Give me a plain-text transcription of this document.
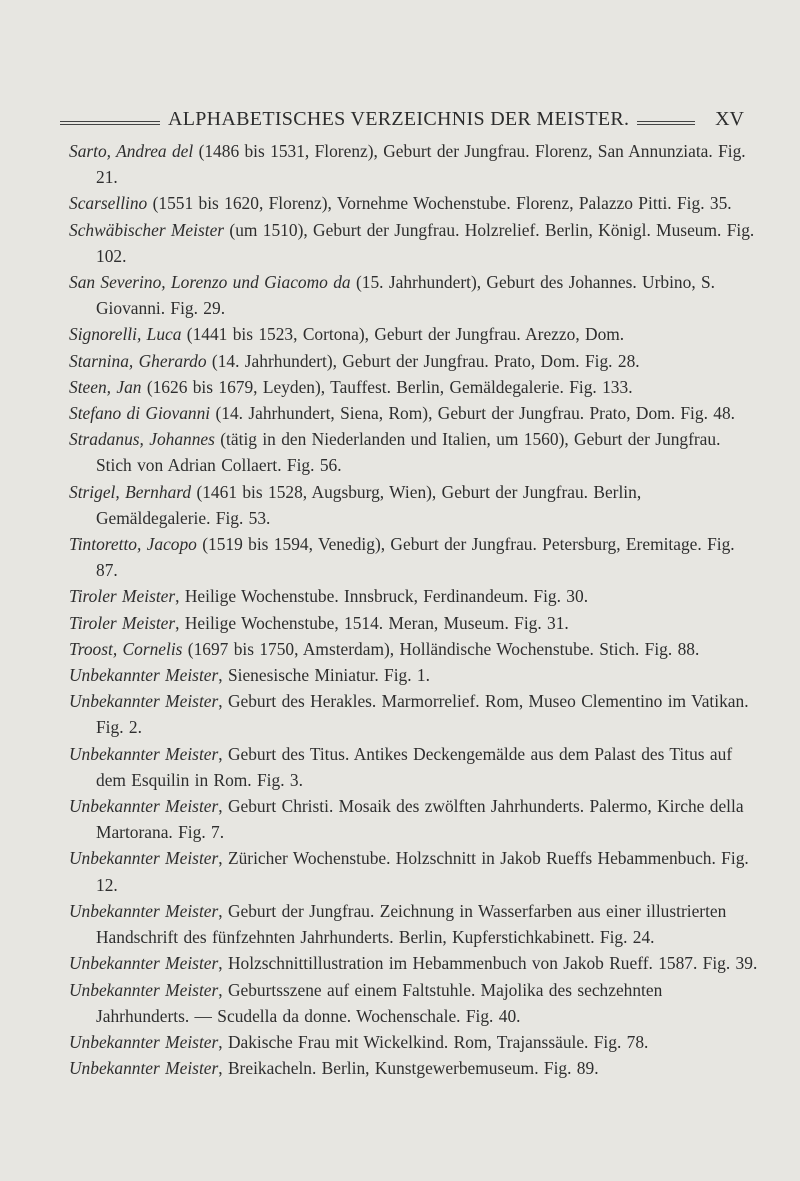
ALPHABETISCHES VERZEICHNIS DER MEISTER.	XV
Sarto, Andrea del (1486 bis 1531, Florenz), Geburt der Jungfrau. Florenz, San Annunziata. Fig. 21.
Scarsellino (1551 bis 1620, Florenz), Vornehme Wochenstube. Florenz, Palazzo Pitti. Fig. 35.
Schwäbischer Meister (um 1510), Geburt der Jungfrau. Holzrelief. Berlin, Königl. Museum. Fig. 102.
San Severino, Lorenzo und Giacomo da (15. Jahrhundert), Geburt des Johannes. Urbino, S. Giovanni. Fig. 29.
Signorelli, Luca (1441 bis 1523, Cortona), Geburt der Jungfrau. Arezzo, Dom.
Starnina, Gherardo (14. Jahrhundert), Geburt der Jungfrau. Prato, Dom. Fig. 28.
Steen, Jan (1626 bis 1679, Leyden), Tauffest. Berlin, Gemäldegalerie. Fig. 133.
Stefano di Giovanni (14. Jahrhundert, Siena, Rom), Geburt der Jungfrau. Prato, Dom. Fig. 48.
Stradanus, Johannes (tätig in den Niederlanden und Italien, um 1560), Geburt der Jungfrau. Stich von Adrian Collaert. Fig. 56.
Strigel, Bernhard (1461 bis 1528, Augsburg, Wien), Geburt der Jungfrau. Berlin, Gemäldegalerie. Fig. 53.
Tintoretto, Jacopo (1519 bis 1594, Venedig), Geburt der Jungfrau. Petersburg, Eremitage. Fig. 87.
Tiroler Meister, Heilige Wochenstube. Innsbruck, Ferdinandeum. Fig. 30.
Tiroler Meister, Heilige Wochenstube, 1514. Meran, Museum. Fig. 31.
Troost, Cornelis (1697 bis 1750, Amsterdam), Holländische Wochenstube. Stich. Fig. 88.
Unbekannter Meister, Sienesische Miniatur. Fig. 1.
Unbekannter Meister, Geburt des Herakles. Marmorrelief. Rom, Museo Clementino im Vatikan. Fig. 2.
Unbekannter Meister, Geburt des Titus. Antikes Deckengemälde aus dem Palast des Titus auf dem Esquilin in Rom. Fig. 3.
Unbekannter Meister, Geburt Christi. Mosaik des zwölften Jahrhunderts. Palermo, Kirche della Martorana. Fig. 7.
Unbekannter Meister, Züricher Wochenstube. Holzschnitt in Jakob Rueffs Hebammenbuch. Fig. 12.
Unbekannter Meister, Geburt der Jungfrau. Zeichnung in Wasserfarben aus einer illustrierten Handschrift des fünfzehnten Jahrhunderts. Berlin, Kupferstichkabinett. Fig. 24.
Unbekannter Meister, Holzschnittillustration im Hebammenbuch von Jakob Rueff. 1587. Fig. 39.
Unbekannter Meister, Geburtsszene auf einem Faltstuhle. Majolika des sechzehnten Jahrhunderts. — Scudella da donne. Wochenschale. Fig. 40.
Unbekannter Meister, Dakische Frau mit Wickelkind. Rom, Trajanssäule. Fig. 78.
Unbekannter Meister, Breikacheln. Berlin, Kunstgewerbemuseum. Fig. 89.
